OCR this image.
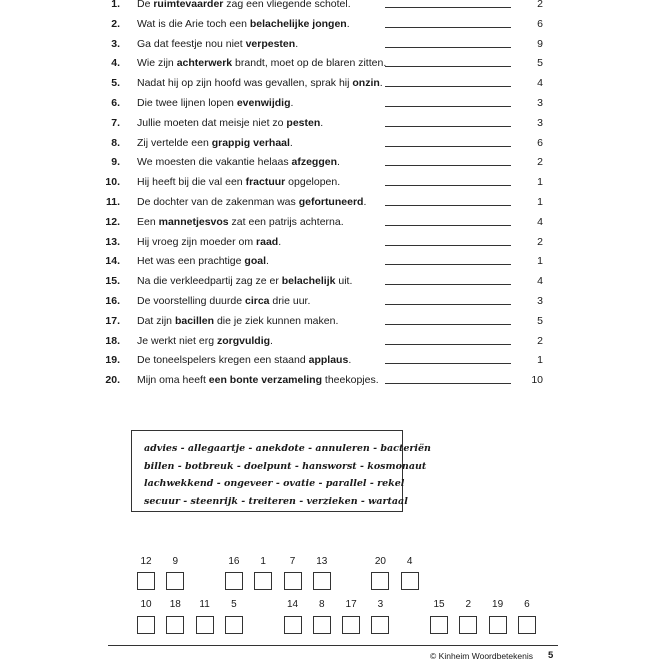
1. De ruimtevaarder zag een vliegende schotel.	2
2. Wat is die Arie toch een belachelijke jongen.	6
3. Ga dat feestje nou niet verpesten.	9
4. Wie zijn achterwerk brandt, moet op de blaren zitten.	5
5. Nadat hij op zijn hoofd was gevallen, sprak hij onzin.	4
6. Die twee lijnen lopen evenwijdig.	3
7. Jullie moeten dat meisje niet zo pesten.	3
8. Zij vertelde een grappig verhaal.	6
9. We moesten die vakantie helaas afzeggen.	2
10. Hij heeft bij die val een fractuur opgelopen.	1
11. De dochter van de zakenman was gefortuneerd.	1
12. Een mannetjesvos zat een patrijs achterna.	4
13. Hij vroeg zijn moeder om raad.	2
14. Het was een prachtige goal.	1
15. Na die verkleedpartij zag ze er belachelijk uit.	4
16. De voorstelling duurde circa drie uur.	3
17. Dat zijn bacillen die je ziek kunnen maken.	5
18. Je werkt niet erg zorgvuldig.	2
19. De toneelspelers kregen een staand applaus.	1
20. Mijn oma heeft een bonte verzameling theekopjes.	10
advies - allegaartje - anekdote - annuleren - bacteriën
billen - botbreuk - doelpunt - hansworst - kosmonaut
lachwekkend - ongeveer - ovatie - parallel - rekel
secuur - steenrijk - treiteren - verzieken - wartaal
12	9	16	1	7	13	20	4
10	18	11	5	14	8	17	3	15	2	19	6
© Kinheim Woordbetekenis 5
